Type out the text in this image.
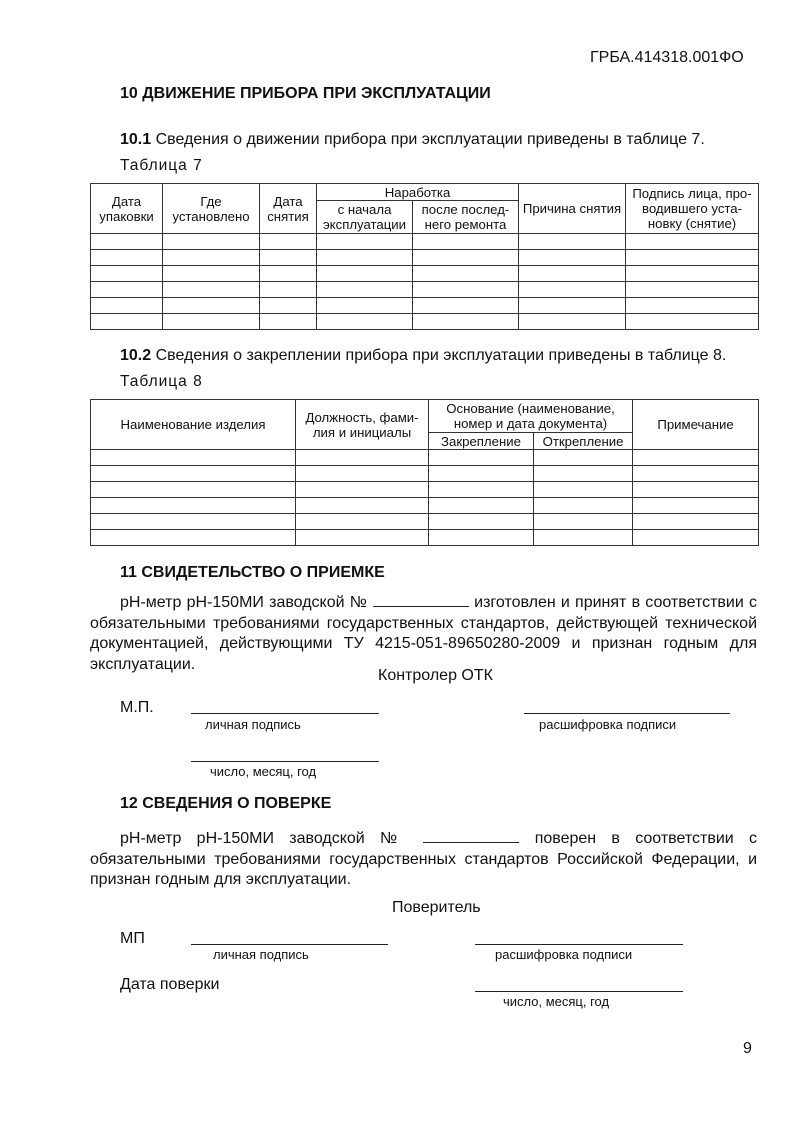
ГРБА.414318.001ФО
10 ДВИЖЕНИЕ ПРИБОРА ПРИ ЭКСПЛУАТАЦИИ
10.1 Сведения о движении прибора при эксплуатации приведены в таблице 7.
Таблица 7
Дата упаковки	Где установлено	Дата снятия	Наработка		Причина снятия	Подпись лица, про-водившего уста-новку (снятие)
			с начала эксплуатации	после послед-него ремонта		

10.2 Сведения о закреплении прибора при эксплуатации приведены в таблице 8.
Таблица 8
Наименование изделия	Должность, фами-лия и инициалы	Основание (наименование, номер и дата документа)		Примечание
		Закрепление	Открепление	

11 СВИДЕТЕЛЬСТВО О ПРИЕМКЕ
pH-метр pH-150МИ заводской №	изготовлен и принят в соответствии с обязательными требованиями государственных стандартов, действующей технической документацией, действующими ТУ 4215-051-89650280-2009 и признан годным для эксплуатации.
Контролер ОТК
М.П.
личная подпись	расшифровка подписи
число, месяц, год
12 СВЕДЕНИЯ О ПОВЕРКЕ
pH-метр pH-150МИ заводской №	поверен в соответствии с обязательными требованиями государственных стандартов Российской Федерации, и признан годным для эксплуатации.
Поверитель
МП
личная подпись	расшифровка подписи
Дата поверки
число, месяц, год
9
